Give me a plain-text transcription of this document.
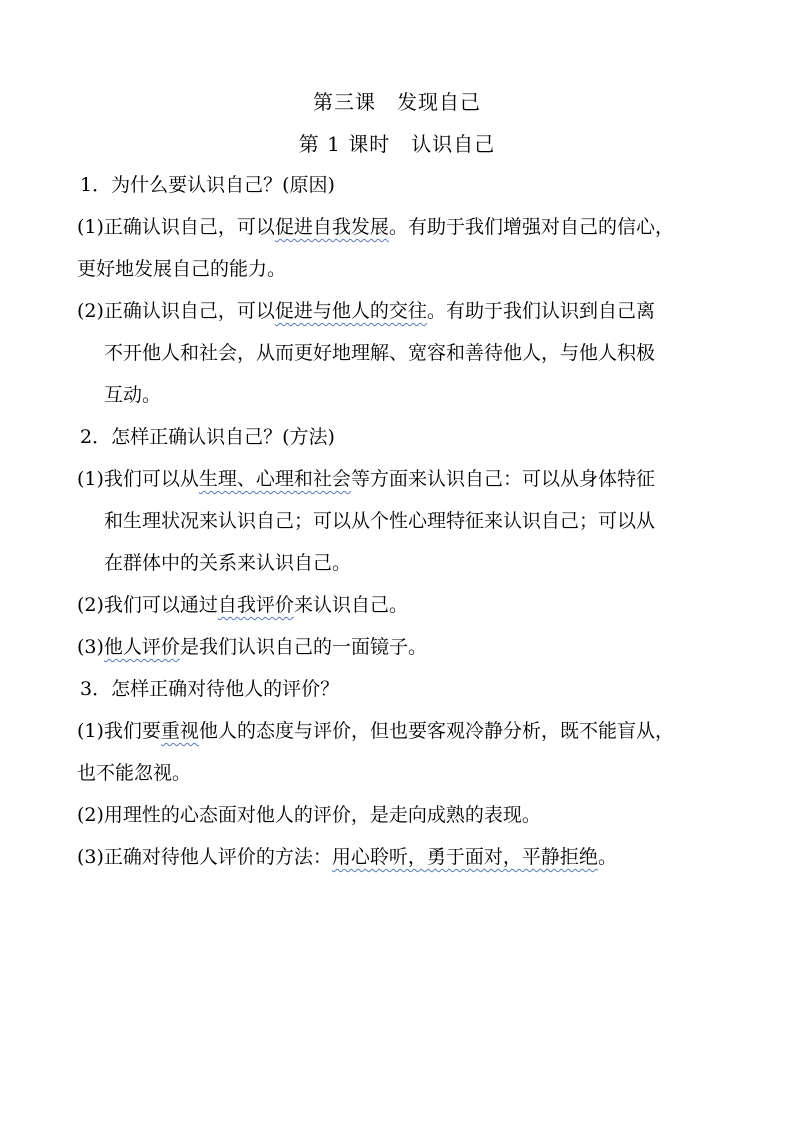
第三课　发现自己
第 1 课时　认识自己
1．为什么要认识自己？(原因)
(1)正确认识自己，可以促进自我发展。有助于我们增强对自己的信心，
更好地发展自己的能力。
(2)正确认识自己，可以促进与他人的交往。有助于我们认识到自己离
不开他人和社会，从而更好地理解、宽容和善待他人，与他人积极
互动。
2．怎样正确认识自己？(方法)
(1)我们可以从生理、心理和社会等方面来认识自己：可以从身体特征
和生理状况来认识自己；可以从个性心理特征来认识自己；可以从
在群体中的关系来认识自己。
(2)我们可以通过自我评价来认识自己。
(3)他人评价是我们认识自己的一面镜子。
3．怎样正确对待他人的评价？
(1)我们要重视他人的态度与评价，但也要客观冷静分析，既不能盲从，
也不能忽视。
(2)用理性的心态面对他人的评价，是走向成熟的表现。
(3)正确对待他人评价的方法：用心聆听，勇于面对，平静拒绝。
